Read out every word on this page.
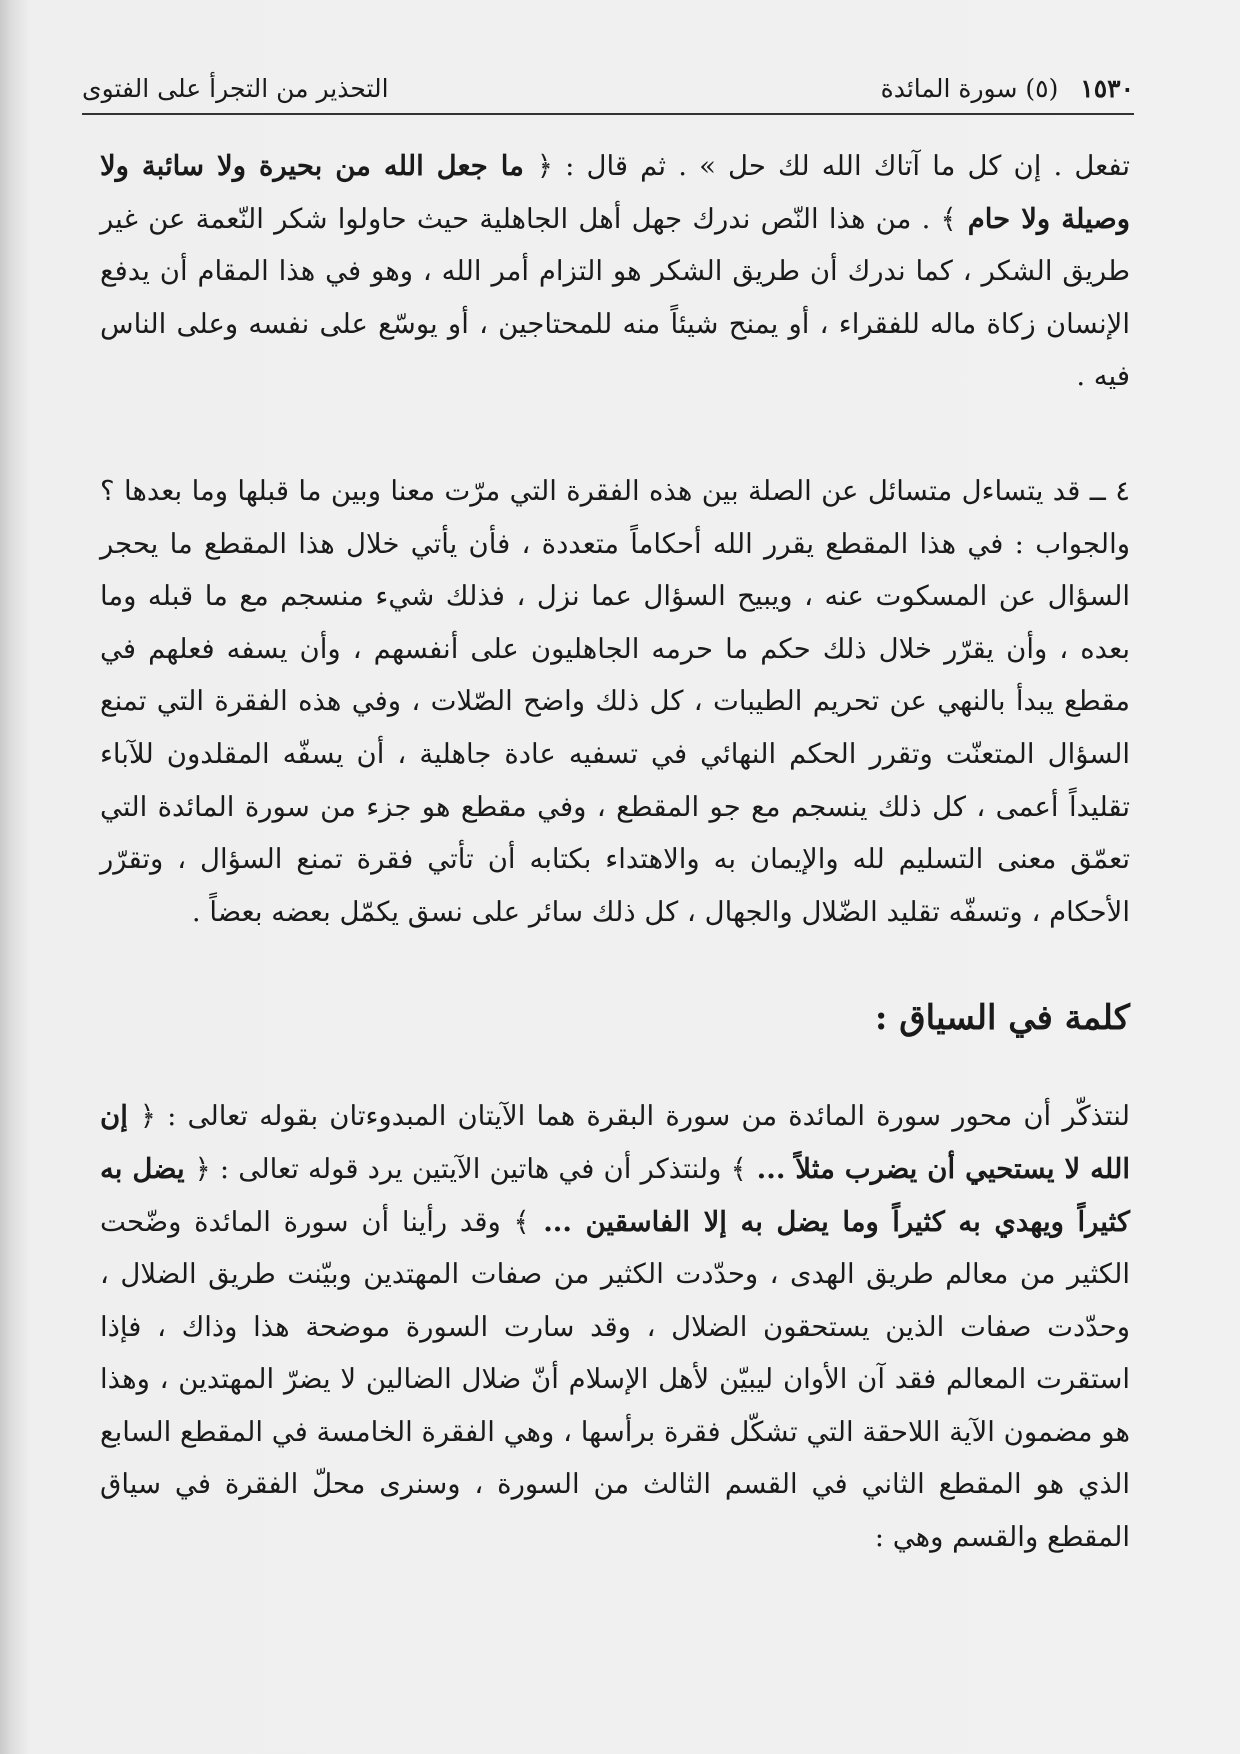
١٥٣٠ (٥) سورة المائدة
التحذير من التجرأ على الفتوى

تفعل . إن كل ما آتاك الله لك حل » . ثم قال : ﴿ ما جعل الله من بحيرة ولا سائبة ولا وصيلة ولا حام ﴾ . من هذا النّص ندرك جهل أهل الجاهلية حيث حاولوا شكر النّعمة عن غير طريق الشكر ، كما ندرك أن طريق الشكر هو التزام أمر الله ، وهو في هذا المقام أن يدفع الإنسان زكاة ماله للفقراء ، أو يمنح شيئاً منه للمحتاجين ، أو يوسّع على نفسه وعلى الناس فيه .

٤ ــ قد يتساءل متسائل عن الصلة بين هذه الفقرة التي مرّت معنا وبين ما قبلها وما بعدها ؟ والجواب : في هذا المقطع يقرر الله أحكاماً متعددة ، فأن يأتي خلال هذا المقطع ما يحجر السؤال عن المسكوت عنه ، ويبيح السؤال عما نزل ، فذلك شيء منسجم مع ما قبله وما بعده ، وأن يقرّر خلال ذلك حكم ما حرمه الجاهليون على أنفسهم ، وأن يسفه فعلهم في مقطع يبدأ بالنهي عن تحريم الطيبات ، كل ذلك واضح الصّلات ، وفي هذه الفقرة التي تمنع السؤال المتعنّت وتقرر الحكم النهائي في تسفيه عادة جاهلية ، أن يسفّه المقلدون للآباء تقليداً أعمى ، كل ذلك ينسجم مع جو المقطع ، وفي مقطع هو جزء من سورة المائدة التي تعمّق معنى التسليم لله والإيمان به والاهتداء بكتابه أن تأتي فقرة تمنع السؤال ، وتقرّر الأحكام ، وتسفّه تقليد الضّلال والجهال ، كل ذلك سائر على نسق يكمّل بعضه بعضاً .

كلمة في السياق :

لنتذكّر أن محور سورة المائدة من سورة البقرة هما الآيتان المبدوءتان بقوله تعالى : ﴿ إن الله لا يستحيي أن يضرب مثلاً ... ﴾ ولنتذكر أن في هاتين الآيتين يرد قوله تعالى : ﴿ يضل به كثيراً ويهدي به كثيراً وما يضل به إلا الفاسقين ... ﴾ وقد رأينا أن سورة المائدة وضّحت الكثير من معالم طريق الهدى ، وحدّدت الكثير من صفات المهتدين وبيّنت طريق الضلال ، وحدّدت صفات الذين يستحقون الضلال ، وقد سارت السورة موضحة هذا وذاك ، فإذا استقرت المعالم فقد آن الأوان ليبيّن لأهل الإسلام أنّ ضلال الضالين لا يضرّ المهتدين ، وهذا هو مضمون الآية اللاحقة التي تشكّل فقرة برأسها ، وهي الفقرة الخامسة في المقطع السابع الذي هو المقطع الثاني في القسم الثالث من السورة ، وسنرى محلّ الفقرة في سياق المقطع والقسم وهي :
